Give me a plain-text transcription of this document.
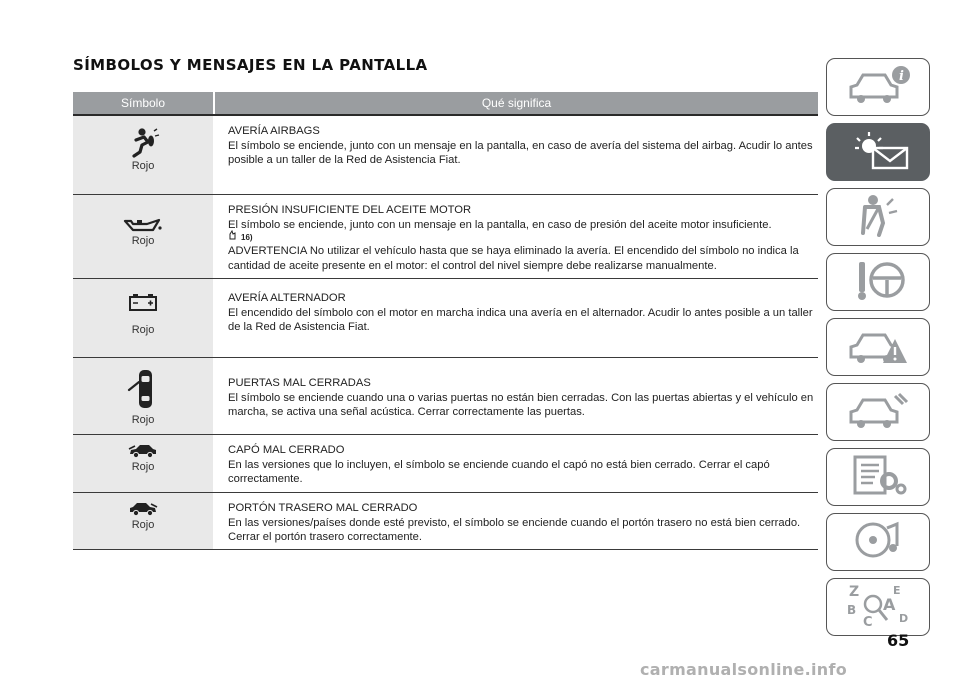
SÍMBOLOS Y MENSAJES EN LA PANTALLA
Símbolo	Qué significa
Rojo

AVERÍA AIRBAGS

El símbolo se enciende, junto con un mensaje en la pantalla, en caso de avería del sistema del airbag. Acudir lo antes posible a un taller de la Red de Asistencia Fiat.

Rojo

PRESIÓN INSUFICIENTE DEL ACEITE MOTOR

El símbolo se enciende, junto con un mensaje en la pantalla, en caso de presión del aceite motor insuficiente.

16)

ADVERTENCIA No utilizar el vehículo hasta que se haya eliminado la avería. El encendido del símbolo no indica la cantidad de aceite presente en el motor: el control del nivel siempre debe realizarse manualmente.

Rojo

AVERÍA ALTERNADOR

El encendido del símbolo con el motor en marcha indica una avería en el alternador. Acudir lo antes posible a un taller de la Red de Asistencia Fiat.

Rojo

PUERTAS MAL CERRADAS

El símbolo se enciende cuando una o varias puertas no están bien cerradas. Con las puertas abiertas y el vehículo en marcha, se activa una señal acústica. Cerrar correctamente las puertas.

Rojo

CAPÓ MAL CERRADO

En las versiones que lo incluyen, el símbolo se enciende cuando el capó no está bien cerrado. Cerrar el capó correctamente.

Rojo

PORTÓN TRASERO MAL CERRADO

En las versiones/países donde esté previsto, el símbolo se enciende cuando el portón trasero no está bien cerrado. Cerrar el portón trasero correctamente.

i
Z	E
A
B
C D
65
carmanualsonline.info
